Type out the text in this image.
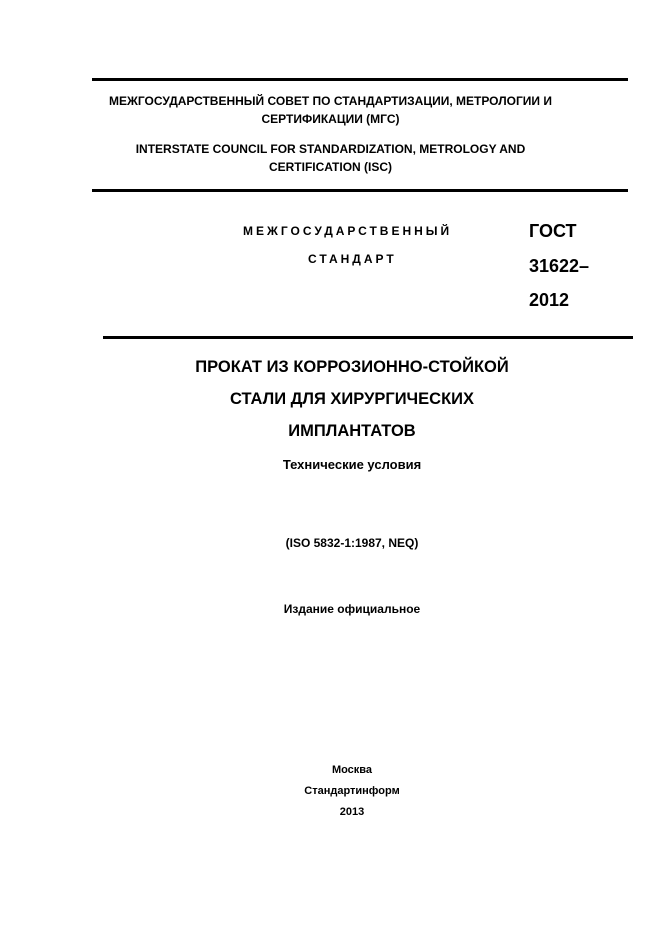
МЕЖГОСУДАРСТВЕННЫЙ СОВЕТ ПО СТАНДАРТИЗАЦИИ, МЕТРОЛОГИИ И
СЕРТИФИКАЦИИ (МГС)
INTERSTATE COUNCIL FOR STANDARDIZATION, METROLOGY AND
CERTIFICATION (ISC)
МЕЖГОСУДАРСТВЕННЫЙ
СТАНДАРТ
ГОСТ
31622–
2012
ПРОКАТ ИЗ КОРРОЗИОННО-СТОЙКОЙ
СТАЛИ ДЛЯ ХИРУРГИЧЕСКИХ
ИМПЛАНТАТОВ
Технические условия
(ISO 5832-1:1987, NEQ)
Издание официальное
Москва
Стандартинформ
2013
